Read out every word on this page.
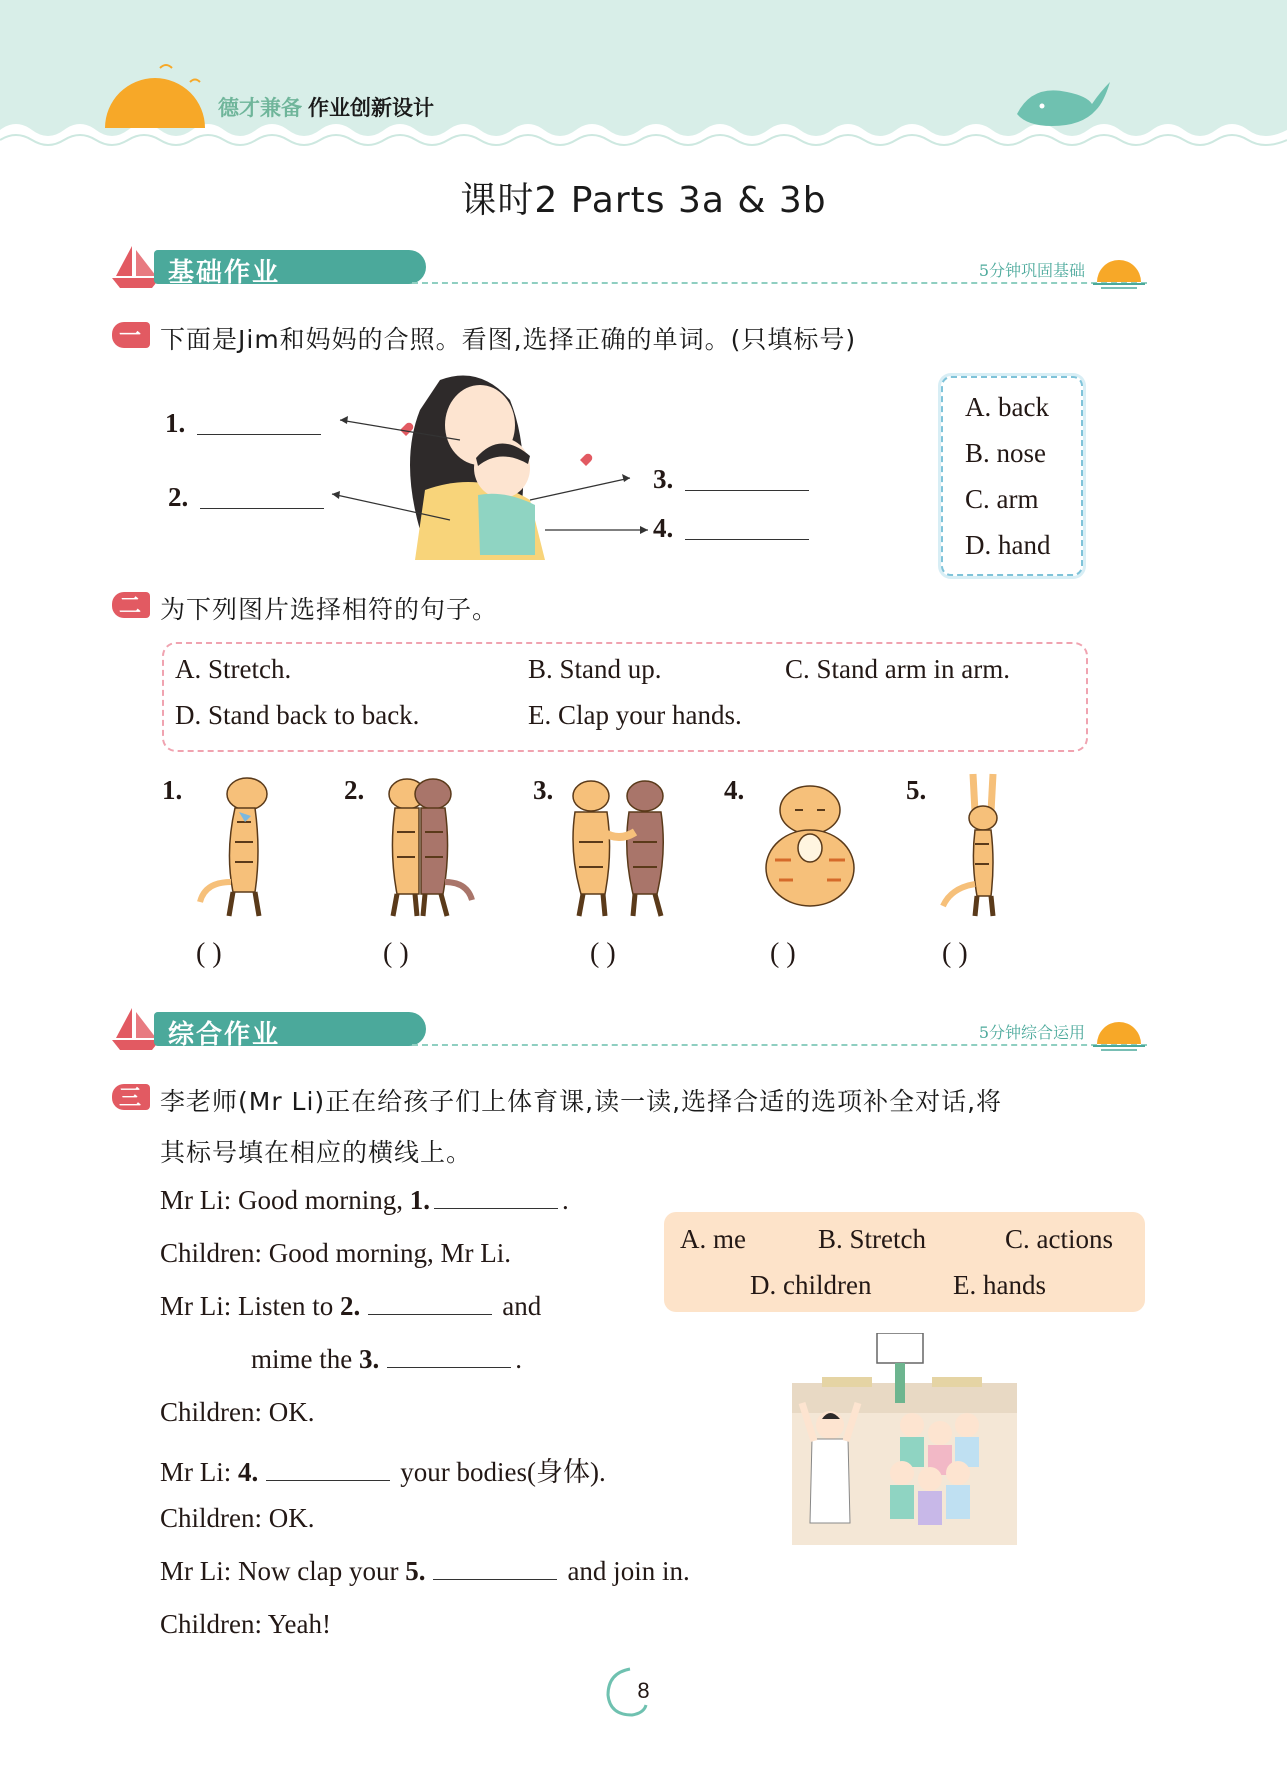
德才兼备 作业创新设计
课时2 Parts 3a & 3b
基础作业	5分钟巩固基础
一 下面是Jim和妈妈的合照。看图,选择正确的单词。(只填标号)
1.
2.
3.
4.
A. back
B. nose
C. arm
D. hand
二 为下列图片选择相符的句子。
A. Stretch.	B. Stand up.	C. Stand arm in arm.
D. Stand back to back.	E. Clap your hands.
1.	2.	3.	4.	5.
( )	( )	( )	( )	( )
综合作业	5分钟综合运用
三 李老师(Mr Li)正在给孩子们上体育课,读一读,选择合适的选项补全对话,将
其标号填在相应的横线上。
Mr Li: Good morning, 1.	.
Children: Good morning, Mr Li.
Mr Li: Listen to 2.	and
mime the 3.	.
Children: OK.
Mr Li: 4.	your bodies(身体).
Children: OK.
Mr Li: Now clap your 5.	and join in.
Children: Yeah!
A. me	B. Stretch	C. actions
D. children	E. hands
8
